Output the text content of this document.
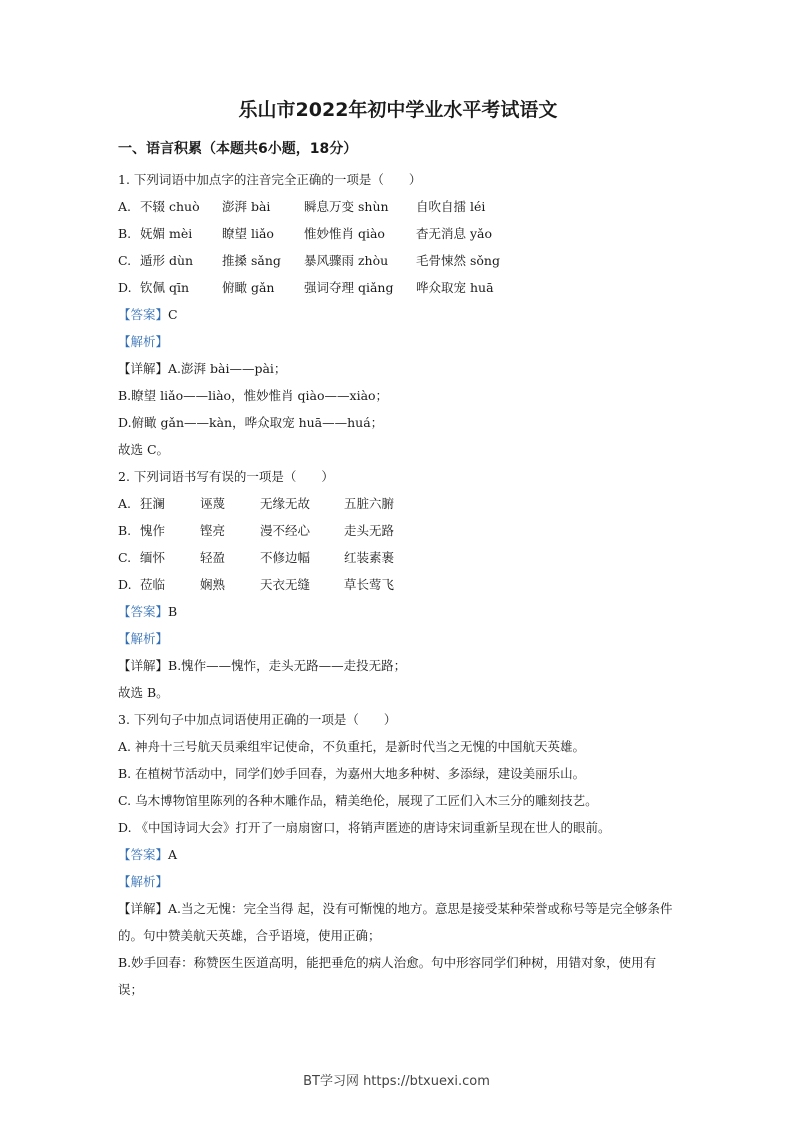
乐山市2022年初中学业水平考试语文
一、语言积累（本题共6小题，18分）
1. 下列词语中加点字的注音完全正确的一项是（　　）
A. 不辍 chuò 澎湃 bài	瞬息万变 shùn 自吹自擂 léi
B. 妩媚 mèi 瞭望 liǎo 惟妙惟肖 qiào 杳无消息 yǎo
C. 遁形 dùn 推搡 sǎng 暴风骤雨 zhòu 毛骨悚然 sǒng
D. 钦佩 qīn	俯瞰 gǎn 强词夺理 qiǎng 哗众取宠 huā
【答案】C
【解析】
【详解】A.澎湃 bài——pài；
B.瞭望 liǎo——liào，惟妙惟肖 qiào——xiào；
D.俯瞰 gǎn——kàn，哗众取宠 huā——huá；
故选 C。
2. 下列词语书写有误的一项是（　　）
A. 狂澜	诬蔑	无缘无故	五脏六腑
B. 愧作	铿亮	漫不经心	走头无路
C. 缅怀	轻盈	不修边幅	红装素裹
D. 莅临	娴熟	天衣无缝	草长莺飞
【答案】B
【解析】
【详解】B.愧作——愧怍，走头无路——走投无路；
故选 B。
3. 下列句子中加点词语使用正确的一项是（　　）
A. 神舟十三号航天员乘组牢记使命，不负重托，是新时代当之无愧的中国航天英雄。
B. 在植树节活动中，同学们妙手回春，为嘉州大地多种树、多添绿，建设美丽乐山。
C. 乌木博物馆里陈列的各种木雕作品，精美绝伦，展现了工匠们入木三分的雕刻技艺。
D. 《中国诗词大会》打开了一扇扇窗口，将销声匿迹的唐诗宋词重新呈现在世人的眼前。
【答案】A
【解析】
【详解】A.当之无愧：完全当得 起，没有可惭愧的地方。意思是接受某种荣誉或称号等是完全够条件的。句中赞美航天英雄，合乎语境，使用正确；
B.妙手回春：称赞医生医道高明，能把垂危的病人治愈。句中形容同学们种树，用错对象，使用有误；
BT学习网 https://btxuexi.com
